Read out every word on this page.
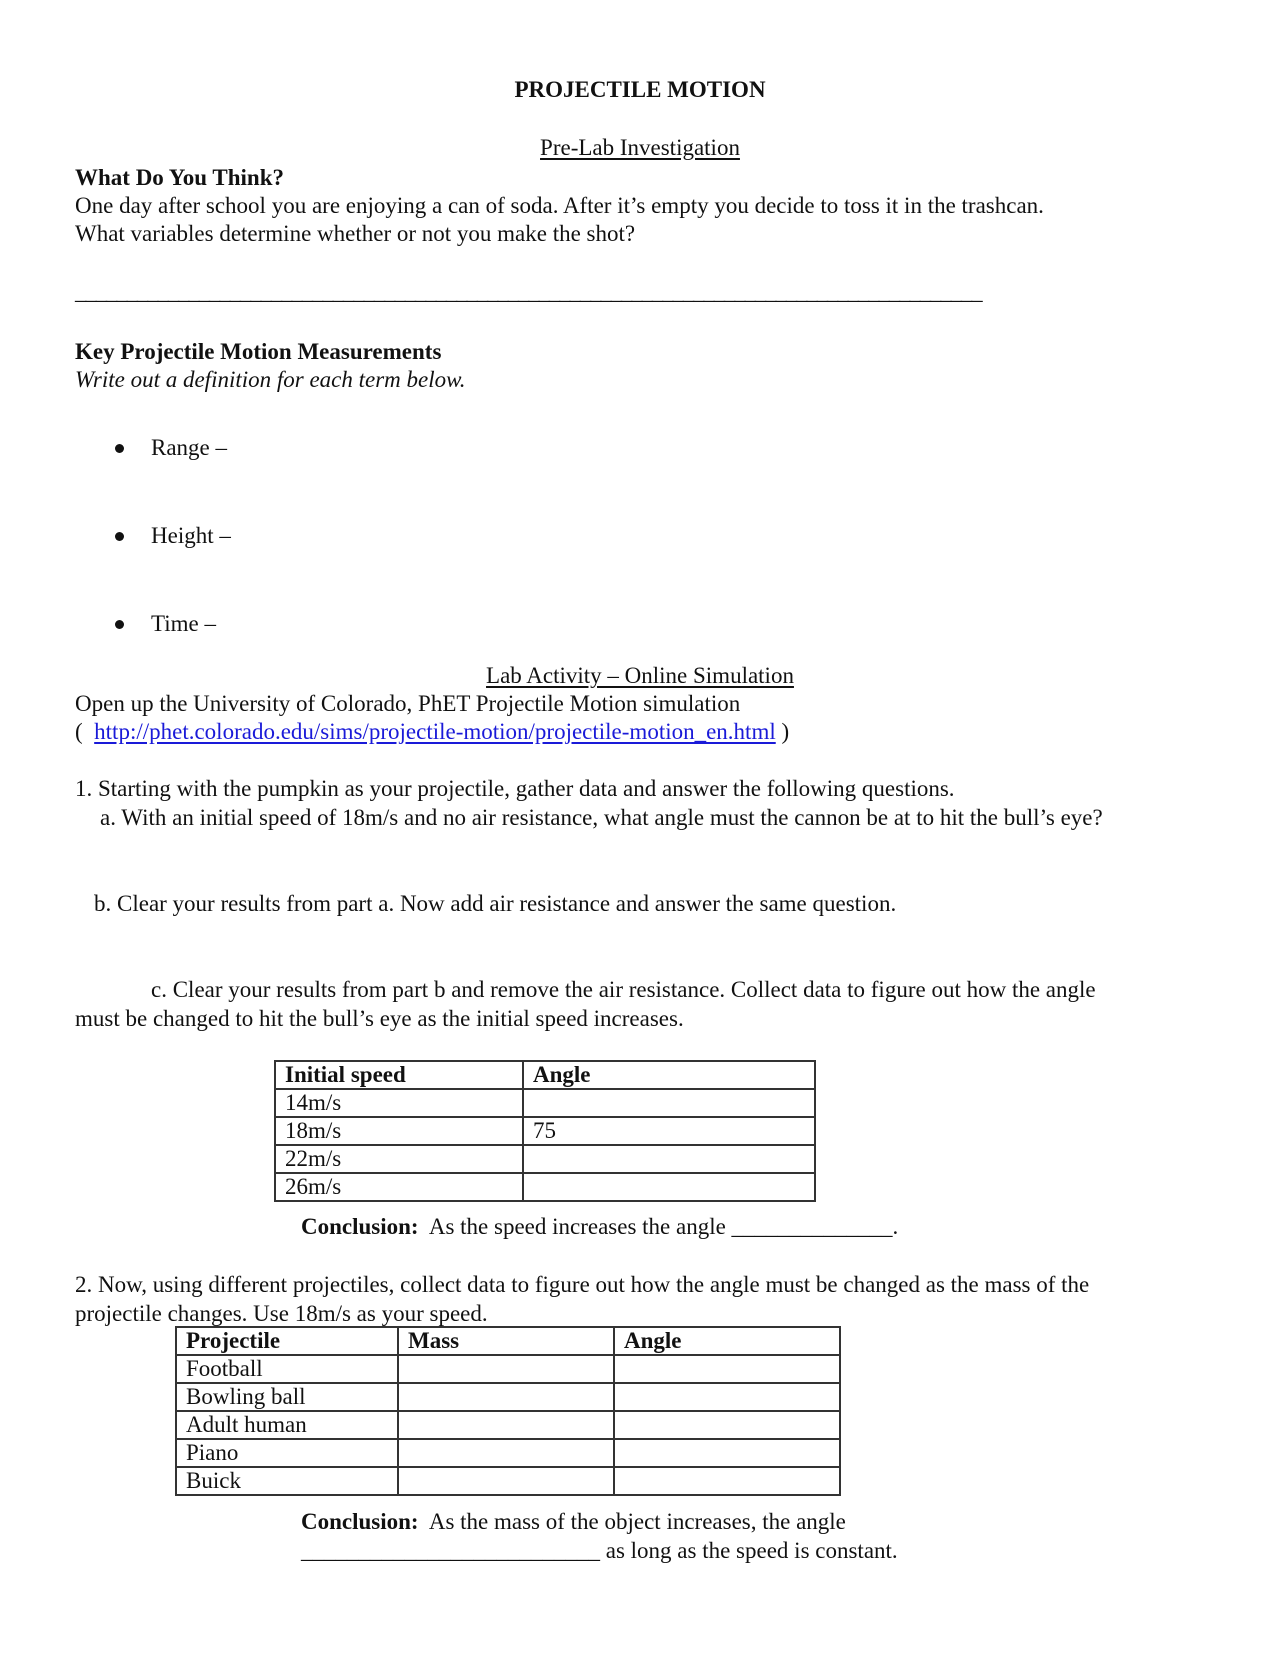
PROJECTILE MOTION
Pre-Lab Investigation
What Do You Think?
One day after school you are enjoying a can of soda. After it’s empty you decide to toss it in the trashcan.
What variables determine whether or not you make the shot?
________________________________________________________________________________________
Key Projectile Motion Measurements
Write out a definition for each term below.
Range –
Height –
Time –
Lab Activity – Online Simulation
Open up the University of Colorado, PhET Projectile Motion simulation
( http://phet.colorado.edu/sims/projectile-motion/projectile-motion_en.html )
1. Starting with the pumpkin as your projectile, gather data and answer the following questions.
a. With an initial speed of 18m/s and no air resistance, what angle must the cannon be at to hit the bull’s eye?
b. Clear your results from part a. Now add air resistance and answer the same question.
c. Clear your results from part b and remove the air resistance. Collect data to figure out how the angle
must be changed to hit the bull’s eye as the initial speed increases.
Initial speed	Angle
14m/s	
18m/s	75
22m/s	
26m/s	
Conclusion: As the speed increases the angle ______________.
2. Now, using different projectiles, collect data to figure out how the angle must be changed as the mass of the
projectile changes. Use 18m/s as your speed.
Projectile	Mass	Angle
Football		
Bowling ball		
Adult human		
Piano		
Buick		
Conclusion: As the mass of the object increases, the angle
__________________________ as long as the speed is constant.
